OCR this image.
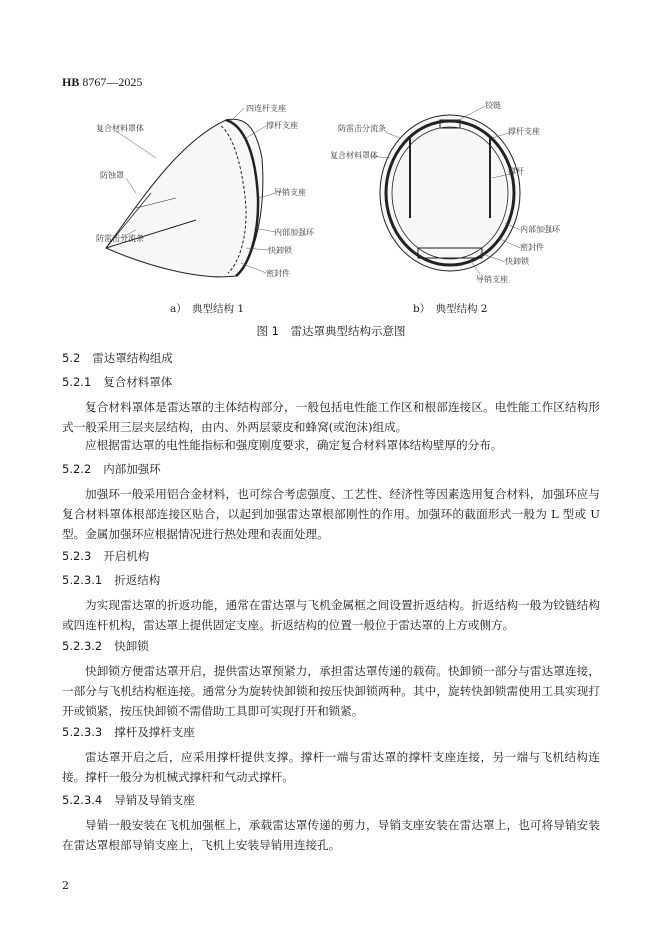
HB 8767—2025
四连杆支座
复合材料罩体	撑杆支座
防蚀罩
导销支座
内部加强环
防雷击分流条
快卸锁
密封件
铰链
防雷击分流条	撑杆支座
复合材料罩体
撑杆
内部加强环
密封件
快卸锁
导销支座
a）　典型结构 1	b）　典型结构 2
图 1　雷达罩典型结构示意图
5.2 雷达罩结构组成
5.2.1 复合材料罩体
复合材料罩体是雷达罩的主体结构部分，一般包括电性能工作区和根部连接区。电性能工作区结构形式一般采用三层夹层结构，由内、外两层蒙皮和蜂窝(或泡沫)组成。
应根据雷达罩的电性能指标和强度刚度要求，确定复合材料罩体结构壁厚的分布。
5.2.2 内部加强环
加强环一般采用铝合金材料，也可综合考虑强度、工艺性、经济性等因素选用复合材料，加强环应与复合材料罩体根部连接区贴合，以起到加强雷达罩根部刚性的作用。加强环的截面形式一般为 L 型或 U 型。金属加强环应根据情况进行热处理和表面处理。
5.2.3 开启机构
5.2.3.1 折返结构
为实现雷达罩的折返功能，通常在雷达罩与飞机金属框之间设置折返结构。折返结构一般为铰链结构或四连杆机构，雷达罩上提供固定支座。折返结构的位置一般位于雷达罩的上方或侧方。
5.2.3.2 快卸锁
快卸锁方便雷达罩开启，提供雷达罩预紧力，承担雷达罩传递的载荷。快卸锁一部分与雷达罩连接，一部分与飞机结构框连接。通常分为旋转快卸锁和按压快卸锁两种。其中，旋转快卸锁需使用工具实现打开或锁紧，按压快卸锁不需借助工具即可实现打开和锁紧。
5.2.3.3 撑杆及撑杆支座
雷达罩开启之后，应采用撑杆提供支撑。撑杆一端与雷达罩的撑杆支座连接，另一端与飞机结构连接。撑杆一般分为机械式撑杆和气动式撑杆。
5.2.3.4 导销及导销支座
导销一般安装在飞机加强框上，承载雷达罩传递的剪力，导销支座安装在雷达罩上，也可将导销安装在雷达罩根部导销支座上，飞机上安装导销用连接孔。
2
